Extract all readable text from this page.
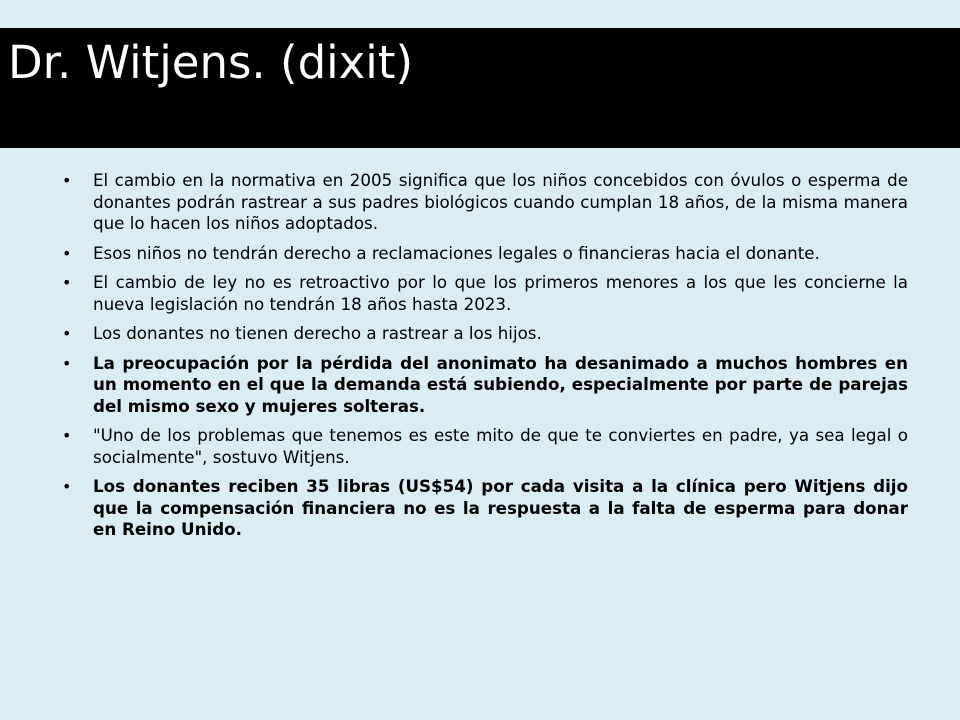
Dr. Witjens. (dixit)
• El cambio en la normativa en 2005 significa que los niños concebidos con óvulos o esperma de donantes podrán rastrear a sus padres biológicos cuando cumplan 18 años, de la misma manera que lo hacen los niños adoptados.
• Esos niños no tendrán derecho a reclamaciones legales o financieras hacia el donante.
• El cambio de ley no es retroactivo por lo que los primeros menores a los que les concierne la nueva legislación no tendrán 18 años hasta 2023.
• Los donantes no tienen derecho a rastrear a los hijos.
• La preocupación por la pérdida del anonimato ha desanimado a muchos hombres en un momento en el que la demanda está subiendo, especialmente por parte de parejas del mismo sexo y mujeres solteras.
• "Uno de los problemas que tenemos es este mito de que te conviertes en padre, ya sea legal o socialmente", sostuvo Witjens.
• Los donantes reciben 35 libras (US$54) por cada visita a la clínica pero Witjens dijo que la compensación financiera no es la respuesta a la falta de esperma para donar en Reino Unido.
